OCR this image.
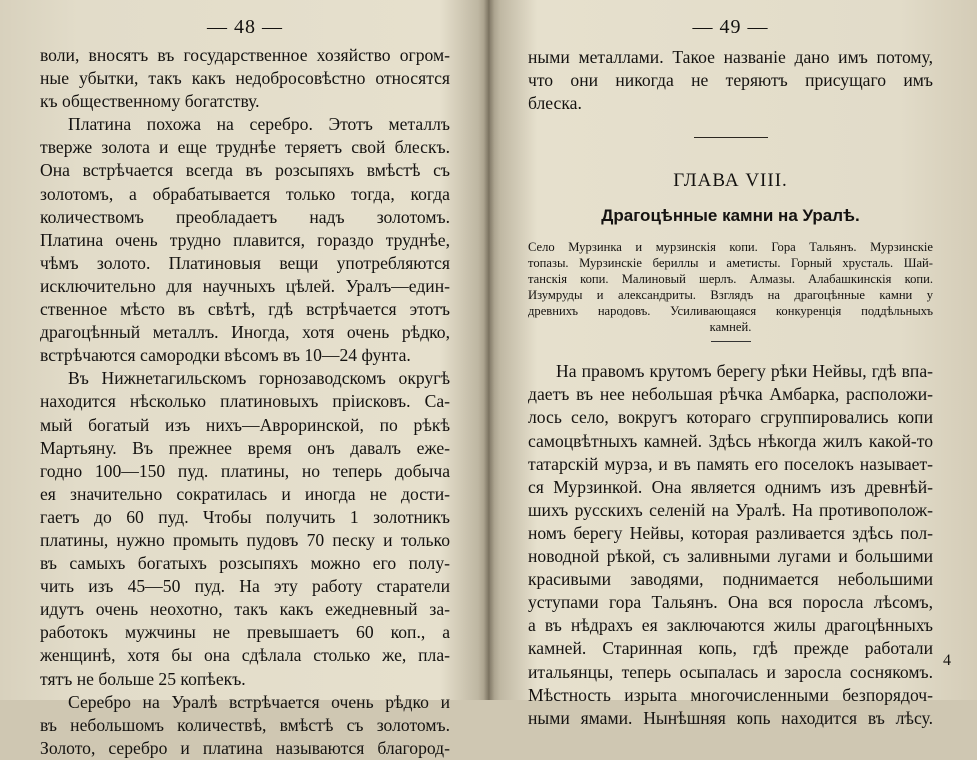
— 48 —
воли, вносятъ въ государственное хозяйство огром-
ные убытки, такъ какъ недобросовѣстно относятся
къ общественному богатству.
Платина похожа на серебро. Этотъ металлъ
тверже золота и еще труднѣе теряетъ свой блескъ.
Она встрѣчается всегда въ розсыпяхъ вмѣстѣ съ
золотомъ, а обрабатывается только тогда, когда
количествомъ преобладаетъ надъ золотомъ.
Платина очень трудно плавится, гораздо труднѣе,
чѣмъ золото. Платиновыя вещи употребляются
исключительно для научныхъ цѣлей. Уралъ—един-
ственное мѣсто въ свѣтѣ, гдѣ встрѣчается этотъ
драгоцѣнный металлъ. Иногда, хотя очень рѣдко,
встрѣчаются самородки вѣсомъ въ 10—24 фунта.
Въ Нижнетагильскомъ горнозаводскомъ округѣ
находится нѣсколько платиновыхъ пріисковъ. Са-
мый богатый изъ нихъ—Авроринской, по рѣкѣ
Мартьяну. Въ прежнее время онъ давалъ еже-
годно 100—150 пуд. платины, но теперь добыча
ея значительно сократилась и иногда не дости-
гаетъ до 60 пуд. Чтобы получить 1 золотникъ
платины, нужно промыть пудовъ 70 песку и только
въ самыхъ богатыхъ розсыпяхъ можно его полу-
чить изъ 45—50 пуд. На эту работу старатели
идутъ очень неохотно, такъ какъ ежедневный за-
работокъ мужчины не превышаетъ 60 коп., а
женщинѣ, хотя бы она сдѣлала столько же, пла-
тятъ не больше 25 копѣекъ.
Серебро на Уралѣ встрѣчается очень рѣдко и
въ небольшомъ количествѣ, вмѣстѣ съ золотомъ.
Золото, серебро и платина называются благород-
— 49 —
ными металлами. Такое названіе дано имъ потому,
что они никогда не теряютъ присущаго имъ
блеска.
ГЛАВА VIII.
Драгоцѣнные камни на Уралѣ.
Село Мурзинка и мурзинскія копи. Гора Тальянъ. Мурзинскіе
топазы. Мурзинскіе бериллы и аметисты. Горный хрусталь. Шай-
танскія копи. Малиновый шерлъ. Алмазы. Алабашкинскія копи.
Изумруды и александриты. Взглядъ на драгоцѣнные камни у
древнихъ народовъ. Усиливающаяся конкуренція поддѣльныхъ
камней.
На правомъ крутомъ берегу рѣки Нейвы, гдѣ впа-
даетъ въ нее небольшая рѣчка Амбарка, расположи-
лось село, вокругъ котораго сгруппировались копи
самоцвѣтныхъ камней. Здѣсь нѣкогда жилъ какой-то
татарскій мурза, и въ память его поселокъ называет-
ся Мурзинкой. Она является однимъ изъ древнѣй-
шихъ русскихъ селеній на Уралѣ. На противополож-
номъ берегу Нейвы, которая разливается здѣсь пол-
новодной рѣкой, съ заливными лугами и большими
красивыми заводями, поднимается небольшими
уступами гора Тальянъ. Она вся поросла лѣсомъ,
а въ нѣдрахъ ея заключаются жилы драгоцѣнныхъ
камней. Старинная копь, гдѣ прежде работали
итальянцы, теперь осыпалась и заросла соснякомъ.
Мѣстность изрыта многочисленными безпорядоч-
ными ямами. Нынѣшняя копь находится въ лѣсу.
4
